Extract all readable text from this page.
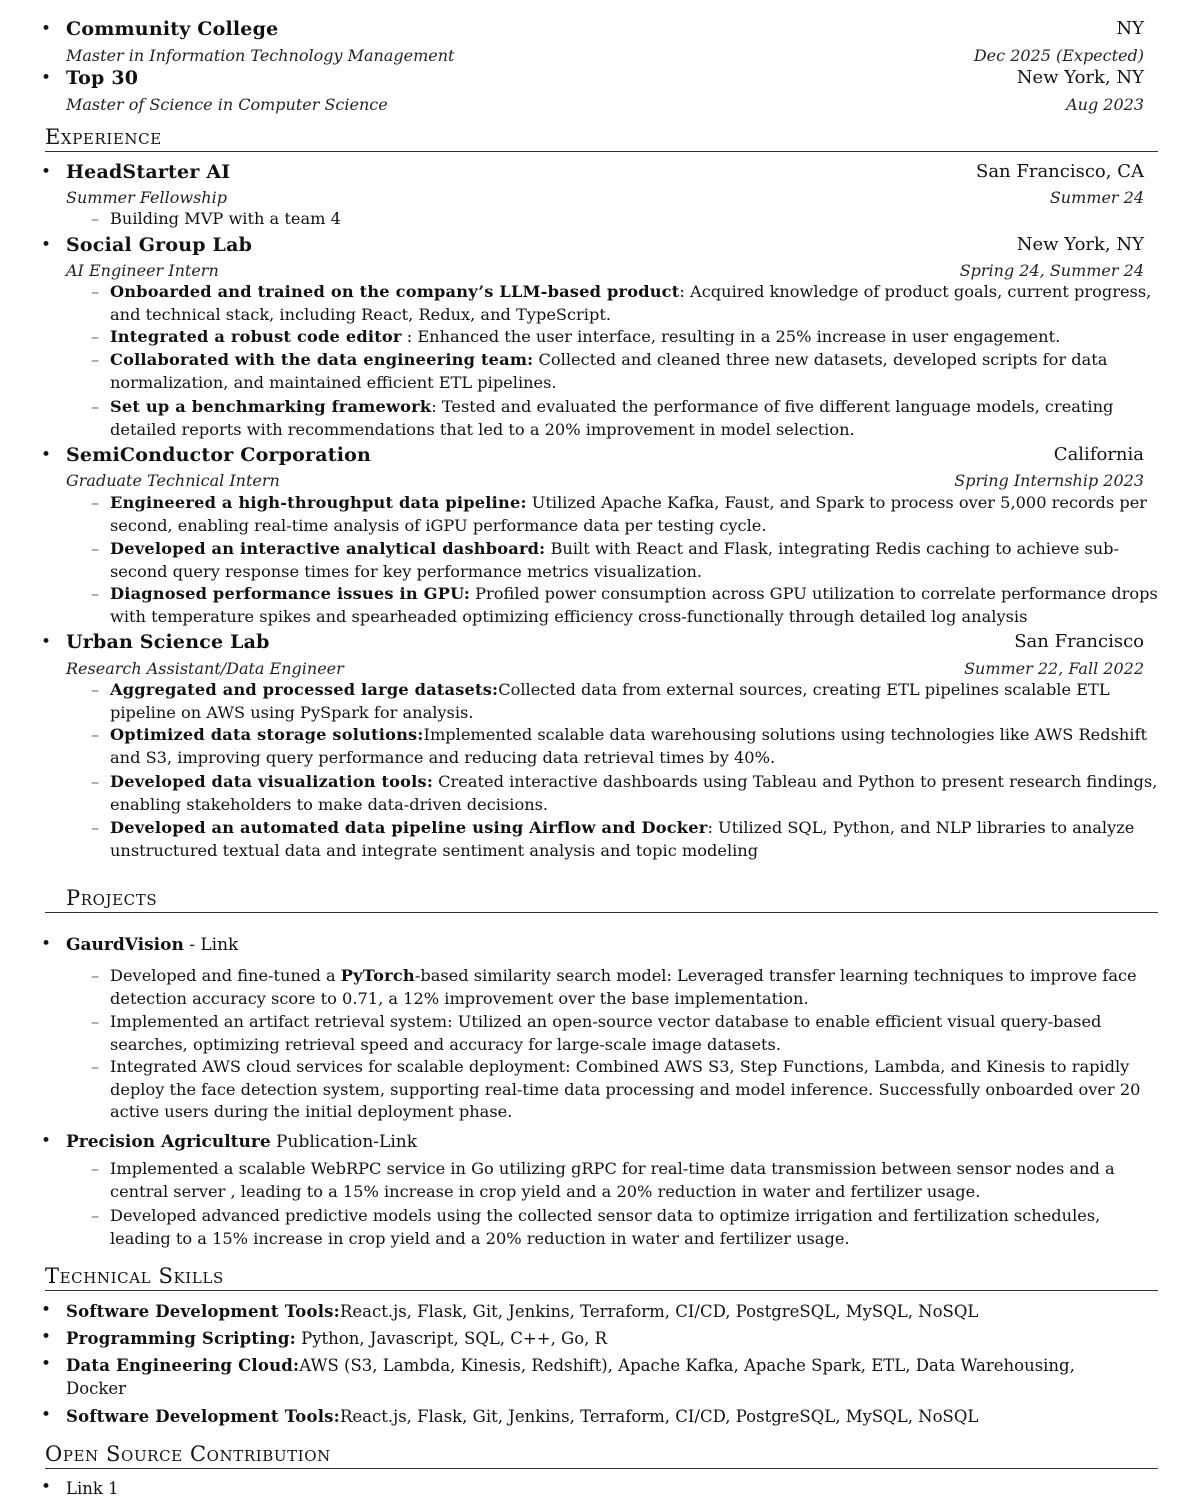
• Community College	NY
Master in Information Technology Management	Dec 2025 (Expected)
• Top 30	New York, NY
Master of Science in Computer Science	Aug 2023
Experience
• HeadStarter AI	San Francisco, CA
Summer Fellowship	Summer 24
– Building MVP with a team 4
• Social Group Lab	New York, NY
AI Engineer Intern	Spring 24, Summer 24
– Onboarded and trained on the company’s LLM-based product: Acquired knowledge of product goals, current progress, and technical stack, including React, Redux, and TypeScript.
– Integrated a robust code editor : Enhanced the user interface, resulting in a 25% increase in user engagement.
– Collaborated with the data engineering team: Collected and cleaned three new datasets, developed scripts for data normalization, and maintained efficient ETL pipelines.
– Set up a benchmarking framework: Tested and evaluated the performance of five different language models, creating detailed reports with recommendations that led to a 20% improvement in model selection.
• SemiConductor Corporation	California
Graduate Technical Intern	Spring Internship 2023
– Engineered a high-throughput data pipeline: Utilized Apache Kafka, Faust, and Spark to process over 5,000 records per second, enabling real-time analysis of iGPU performance data per testing cycle.
– Developed an interactive analytical dashboard: Built with React and Flask, integrating Redis caching to achieve sub-second query response times for key performance metrics visualization.
– Diagnosed performance issues in GPU: Profiled power consumption across GPU utilization to correlate performance drops with temperature spikes and spearheaded optimizing efficiency cross-functionally through detailed log analysis
• Urban Science Lab	San Francisco
Research Assistant/Data Engineer	Summer 22, Fall 2022
– Aggregated and processed large datasets:Collected data from external sources, creating ETL pipelines scalable ETL pipeline on AWS using PySpark for analysis.
– Optimized data storage solutions:Implemented scalable data warehousing solutions using technologies like AWS Redshift and S3, improving query performance and reducing data retrieval times by 40%.
– Developed data visualization tools: Created interactive dashboards using Tableau and Python to present research findings, enabling stakeholders to make data-driven decisions.
– Developed an automated data pipeline using Airflow and Docker: Utilized SQL, Python, and NLP libraries to analyze unstructured textual data and integrate sentiment analysis and topic modeling
Projects
• GaurdVision - Link
– Developed and fine-tuned a PyTorch-based similarity search model: Leveraged transfer learning techniques to improve face detection accuracy score to 0.71, a 12% improvement over the base implementation.
– Implemented an artifact retrieval system: Utilized an open-source vector database to enable efficient visual query-based searches, optimizing retrieval speed and accuracy for large-scale image datasets.
– Integrated AWS cloud services for scalable deployment: Combined AWS S3, Step Functions, Lambda, and Kinesis to rapidly deploy the face detection system, supporting real-time data processing and model inference. Successfully onboarded over 20 active users during the initial deployment phase.
• Precision Agriculture Publication-Link
– Implemented a scalable WebRPC service in Go utilizing gRPC for real-time data transmission between sensor nodes and a central server , leading to a 15% increase in crop yield and a 20% reduction in water and fertilizer usage.
– Developed advanced predictive models using the collected sensor data to optimize irrigation and fertilization schedules, leading to a 15% increase in crop yield and a 20% reduction in water and fertilizer usage.
Technical Skills
• Software Development Tools:React.js, Flask, Git, Jenkins, Terraform, CI/CD, PostgreSQL, MySQL, NoSQL
• Programming Scripting: Python, Javascript, SQL, C++, Go, R
• Data Engineering Cloud:AWS (S3, Lambda, Kinesis, Redshift), Apache Kafka, Apache Spark, ETL, Data Warehousing, Docker
• Software Development Tools:React.js, Flask, Git, Jenkins, Terraform, CI/CD, PostgreSQL, MySQL, NoSQL
Open Source Contribution
• Link 1
